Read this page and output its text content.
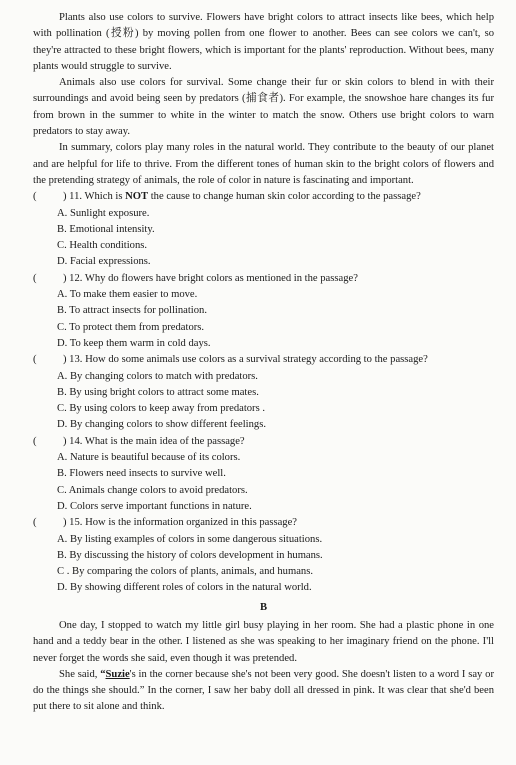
Plants also use colors to survive. Flowers have bright colors to attract insects like bees, which help with pollination (授粉) by moving pollen from one flower to another. Bees can see colors we can't, so they're attracted to these bright flowers, which is important for the plants' reproduction. Without bees, many plants would struggle to survive.

Animals also use colors for survival. Some change their fur or skin colors to blend in with their surroundings and avoid being seen by predators (捕食者). For example, the snowshoe hare changes its fur from brown in the summer to white in the winter to match the snow. Others use bright colors to warn predators to stay away.

In summary, colors play many roles in the natural world. They contribute to the beauty of our planet and are helpful for life to thrive. From the different tones of human skin to the bright colors of flowers and the pretending strategy of animals, the role of color in nature is fascinating and important.

( ) 11. Which is NOT the cause to change human skin color according to the passage?

A. Sunlight exposure.

B. Emotional intensity.

C. Health conditions.

D. Facial expressions.

( ) 12. Why do flowers have bright colors as mentioned in the passage?

A. To make them easier to move.

B. To attract insects for pollination.

C. To protect them from predators.

D. To keep them warm in cold days.

( ) 13. How do some animals use colors as a survival strategy according to the passage?

A. By changing colors to match with predators.

B. By using bright colors to attract some mates.

C. By using colors to keep away from predators .

D. By changing colors to show different feelings.

( ) 14. What is the main idea of the passage?

A. Nature is beautiful because of its colors.

B. Flowers need insects to survive well.

C. Animals change colors to avoid predators.

D. Colors serve important functions in nature.

( ) 15. How is the information organized in this passage?

A. By listing examples of colors in some dangerous situations.

B. By discussing the history of colors development in humans.

C . By comparing the colors of plants, animals, and humans.

D. By showing different roles of colors in the natural world.

B

One day, I stopped to watch my little girl busy playing in her room. She had a plastic phone in one hand and a teddy bear in the other. I listened as she was speaking to her imaginary friend on the phone. I'll never forget the words she said, even though it was pretended.

She said, “Suzie's in the corner because she's not been very good. She doesn't listen to a word I say or do the things she should.” In the corner, I saw her baby doll all dressed in pink. It was clear that she'd been put there to sit alone and think.
